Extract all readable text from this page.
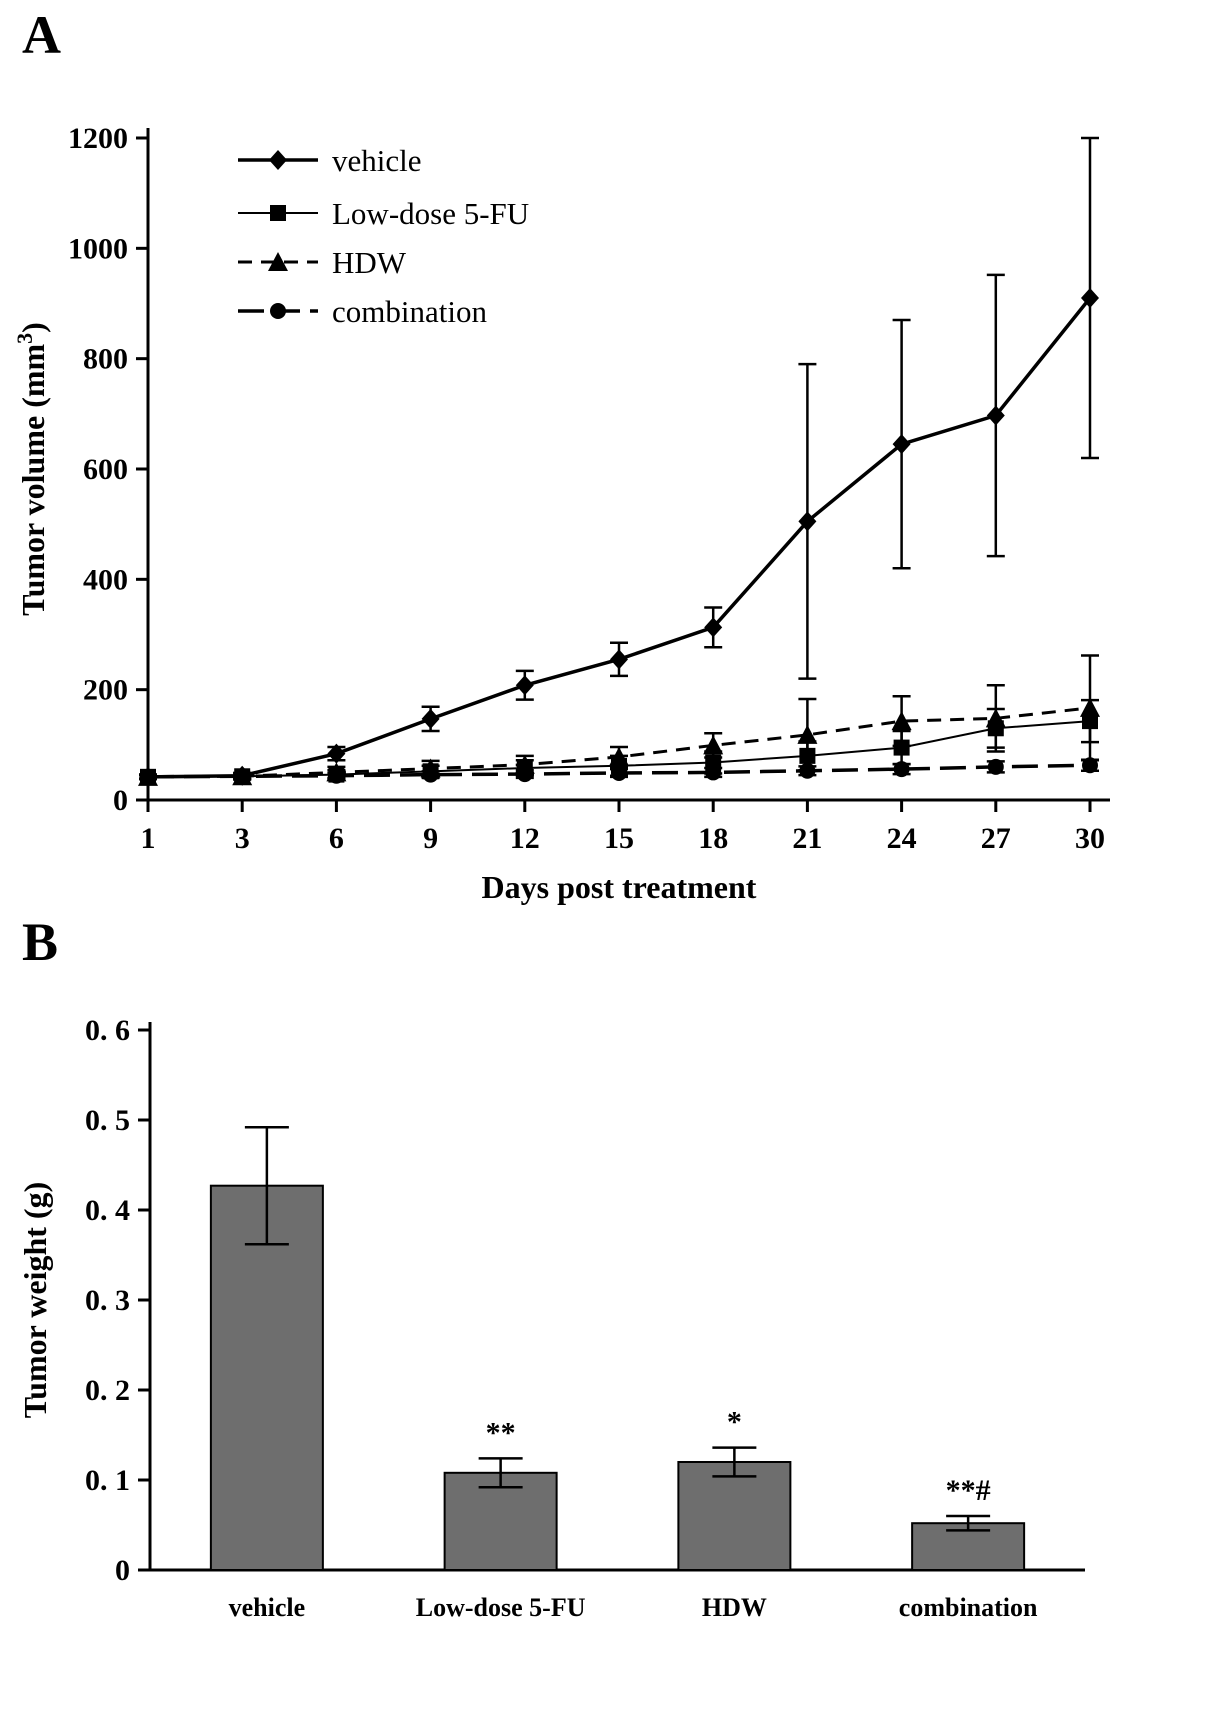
A
B
0
200
400
600
800
1000
1200
1	3	6	9 12 15 18 21 24 27 30
Days post treatment
Tumor volume $(mm^3)$
vehicle
Low-dose 5-FU
HDW
combination
0
0. 1
0. 2
0. 3
0. 4
0. 5
0. 6
Tumor weight (g)
vehicle
**
Low-dose 5-FU
*
HDW
**#
combination
